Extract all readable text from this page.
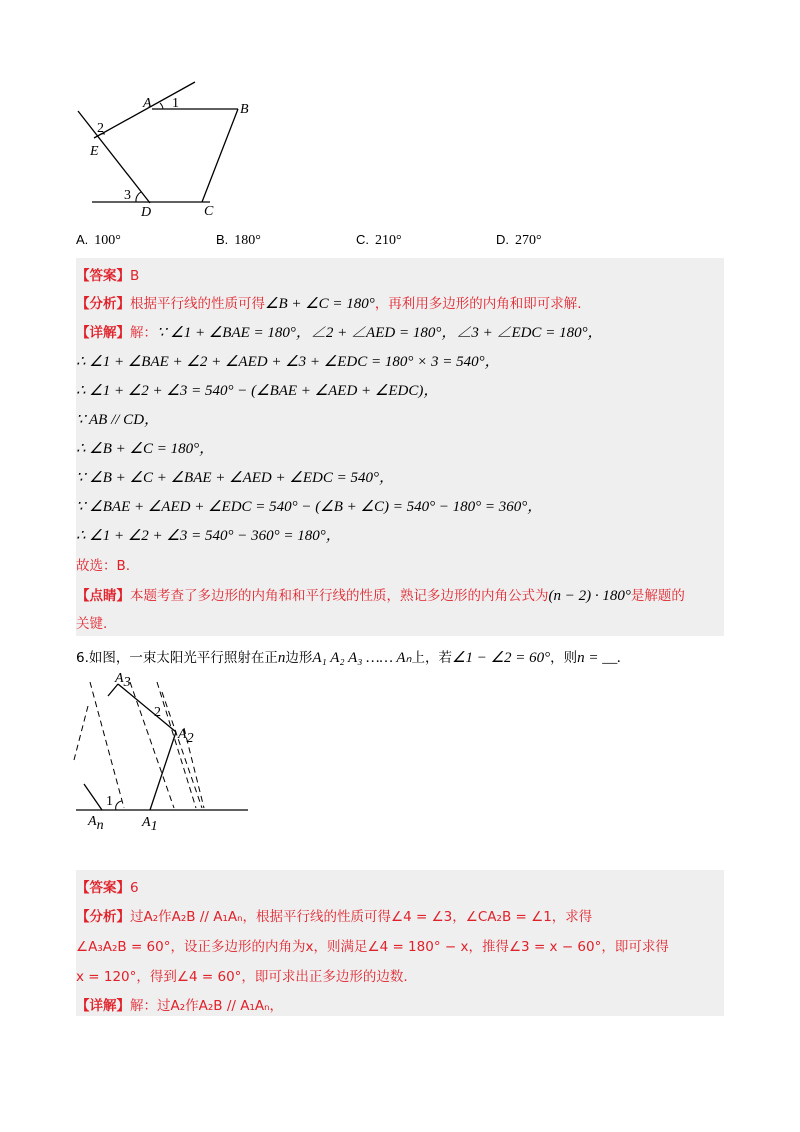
A	B
C
D
E
1
2
3
A. 100°	B. 180°	C. 210°	D. 270°
【答案】B
【分析】根据平行线的性质可得∠B + ∠C = 180°，再利用多边形的内角和即可求解.
【详解】解：∵ ∠1 + ∠BAE = 180°，∠2 + ∠AED = 180°，∠3 + ∠EDC = 180°，
∴ ∠1 + ∠BAE + ∠2 + ∠AED + ∠3 + ∠EDC = 180° × 3 = 540°，
∴ ∠1 + ∠2 + ∠3 = 540° − (∠BAE + ∠AED + ∠EDC)，
∵ AB // CD，
∴ ∠B + ∠C = 180°，
∵ ∠B + ∠C + ∠BAE + ∠AED + ∠EDC = 540°，
∵ ∠BAE + ∠AED + ∠EDC = 540° − (∠B + ∠C) = 540° − 180° = 360°，
∴ ∠1 + ∠2 + ∠3 = 540° − 360° = 180°，
故选：B.
【点睛】本题考查了多边形的内角和和平行线的性质，熟记多边形的内角公式为(n − 2) · 180°是解题的
关键.
6.如图，一束太阳光平行照射在正n边形A₁ A₂ A₃ …… Aₙ上，若∠1 − ∠2 = 60°，则n = __.
A3
A2
An	A1
1
2
【答案】6
【分析】过A₂作A₂B // A₁Aₙ，根据平行线的性质可得∠4 = ∠3，∠CA₂B = ∠1，求得
∠A₃A₂B = 60°，设正多边形的内角为x，则满足∠4 = 180° − x，推得∠3 = x − 60°，即可求得
x = 120°，得到∠4 = 60°，即可求出正多边形的边数.
【详解】解：过A₂作A₂B // A₁Aₙ，
